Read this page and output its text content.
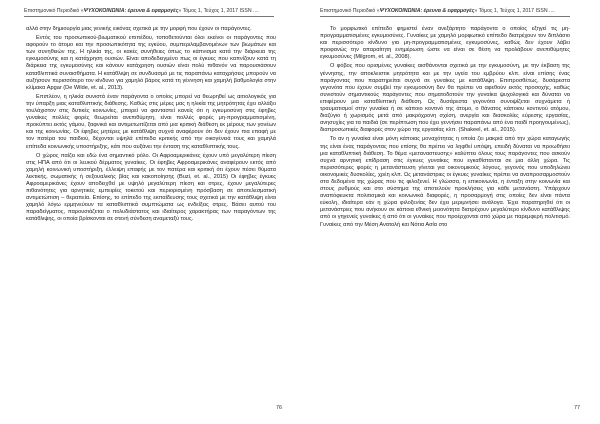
Επιστημονικό Περιοδικό «ΨΥΧΟΚΟΙΝΩΝΙΑ: έρευνα & εφαρμογές» Τόμος 1, Τεύχος 1, 2017 ISSN ....

αλλά στην δημιουργία μιας γενικής εικόνας σχετικά με την μορφή που έχουν οι παράγοντες.

Εντός του προσωπικού-βιωματικού επιπέδου, τοποθετούνται όλοι εκείνοι οι παράγοντες που αφορούν το άτομο και την προσωπικότητα της εγκύου, συμπεριλαμβανομένων των βιωμάτων και των συνηθειών της. Η ηλικία της, οι κακές συνήθειες όπως το κάπνισμα κατά την διάρκεια της εγκυμοσύνης και η κατάχρηση ουσιών. Είναι αποδεδειγμένο πως οι έγκυες που καπνίζουν κατά τη διάρκεια της εγκυμοσύνης και κάνουν κατάχρηση ουσιών είναι πολύ πιθανόν να παρουσιάσουν καταθλιπτικά συναισθήματα. Η κατάθλιψη σε συνδυασμό με τις παραπάνω καταχρήσεις μπορούν να αυξήσουν περισσότερο τον κίνδυνο για χαμηλό βάρος κατά τη γέννηση και χαμηλή βαθμολογία στην κλίμακα Apgar (De Wilde, et. al., 2013).

Επιπλέον, η ηλικία συνιστά έναν παράγοντα ο οποίος μπορεί να θεωρηθεί ως αιτιολογικός για την ύπαρξη μιας καταθλιπτικής διάθεσης. Καθώς στις μέρες μας η ηλικία της μητρότητας έχει αλλάξει τουλάχιστον στις δυτικές κοινωνίες, μπορεί να φανταστεί κανείς ότι η εγκυμοσύνη στις έφηβες γυναίκες πολλές φορές θεωρείται ανεπιθύμητη, είναι πολλές φορές μη-προγραμματισμένη, προκύπτει εκτός γάμου, ξαφνικά και αντιμετωπίζεται από μια κριτική διάθεση εκ μέρους των γονέων και της κοινωνίας. Οι έφηβες μητέρες με κατάθλιψη συχνά αναφέρουν ότι δεν έχουν πια επαφή με τον πατέρα του παιδιού, δέχονται υψηλά επίπεδα κριτικής από την οικογένειά τους και χαμηλά επίπεδα κοινωνικής υποστήριξης, κάτι που αυξάνει την ένταση της καταθλιπτικής τους.

Ο χώρος παίζει και εδώ ένα σημαντικό ρόλο. Οι Αφροαμερικάνες έχουν υπό μεγαλύτερη πίεση στις ΗΠΑ από ότι οι λευκού δέρματος γυναίκες. Οι έφηβες Αφροαμερικάνες αναφέρουν εκτός από χαμηλή κοινωνική υποστήριξη, έλλειψη επαφής με τον πατέρα και κριτική ότι έχουν πέσει θύματα λεκτικής, σωματικής ή σεξουαλικής βίας και κακοποίησης (Buzi, et. al., 2015) Οι έφηβες έγκυες Αφροαμερικάνες έχουν αποδειχθεί με υψηλό μεγαλύτερη πίεση και στρες, έχουν μεγαλύτερες πιθανότητες για αρνητικές εμπειρίες τοκετού και περιορισμένη πρόσβαση σε αποτελεσματική αντιμετώπιση – θεραπεία. Επίσης, το επίπεδο της εκπαίδευσης τους σχετικά με την κατάθλιψη είναι χαμηλό λόγω ερμηνεύουν τα καταθλιπτικά συμπτώματα ως ενδείξεις στρες. Βάσει αυτού του παραδείγματος, παρουσιάζεται ο πολυδιάστατος και ιδιαίτερος χαρακτήρας των παραγόντων της κατάθλιψης, οι οποία βρίσκονται σε στενή σύνδεση αναμεταξύ τους.

76
Επιστημονικό Περιοδικό «ΨΥΧΟΚΟΙΝΩΝΙΑ: έρευνα & εφαρμογές» Τόμος 1, Τεύχος 1, 2017 ISSN ....

Το μορφωτικό επίπεδο φημιστεί έναν ανεξάρτητο παράγοντα ο οποίος εξηγεί τις μη-προγραμματισμένες εγκυμοσύνες. Γυναίκες με χαμηλό μορφωτικό επίπεδο διατρέχουν τον διπλάσιο και περισσότερο κίνδυνο για μη-προγραμματισμένες εγκυμοσύνες, καθώς δεν έχουν λάβει προφανώς την απαραίτητη ενημέρωση ώστε να είναι σε θέση να προλάβουν ανεπιθύμητες εγκυμοσύνες (Milgrom, et. al., 2008).

Ο φόβος που ορισμένες γυναίκες αισθάνονται σχετικά με την εγκυμοσύνη, με την έκβαση της γέννησης, την αποκλειστικ μητρότητα και με την υγεία του εμβρύου κλπ. είναι επίσης ένας παράγοντας που παρατηρείται συχνά σε γυναίκες με κατάθλιψη. Επιπροσθέτως, δυσάρεστα γεγονότα που έχουν συμβεί την εγκυμοσύνη δεν θα πρέπει να αφεθούν εκτός προσοχής, καθώς συνιστούν σημαντικούς παράγοντες που σηματοδοτούν την γυναίκα ψυχολογικά και δύναται να επιφέρουν μια καταθλιπτική διάθεση. Ως δυσάρεστα γεγονότα συνοψίζεται συχνάμετα ή τραυματισμοί στην γυναίκα ή σε κάποιο κοντινό της άτομο, ο θάνατος κάποιου κοντινού ατόμου, διαζύγιο ή χωρισμός μετά από μακρόχρονη σχέση, ανεργία και διασκολίες εύρεσης εργασίας, ανησυχίες για τα παιδιά (σε περίπτωση που έχει γεννήσει παραπάνω από ένα παιδί προηγουμένως), διαπροσωπικές διαφορές στον χώρο της εργασίας κλπ. (Shakeel, et. al., 2015).

Το αν η γυναίκα είναι μόνη κάποιας μοναχότητας η οποία ζει μακριά από την χώρα καταγωγής της είναι ένας παράγοντας που επίσης θα πρέπει να ληφθεί υπόψη, επειδή δύναται να προωθήσει μια καταθλιπτική διάθεση. Το θέμα «μεταναστευσης» καλύπτει όλους τους παράγοντες που ασκούν συχνά αρνητική επίδραση στις έγκυες γυναίκες που εγκαθίστανται σε μια άλλη χώρα. Τις περισσότερες φορές η μετανάστευση γίνεται για οικονομικούς λόγους, γεγονός που υποδηλώνει οικονομικές δυσκολίες, χρέη κλπ. Ως μετανάστριες οι έγκυες γυναίκες πρέπει να αναπροσαρμοστούν στα δεδομένα της χώρας που τις φιλοξενεί. Η γλώσσα, η επικοινωνία, η ένταξη στην κοινωνία και στους ρυθμούς και στο σύστημα της αποτελούν προκλήσεις για κάθε μετανάστη. Υπάρχουν αναπόφευκτα πολιτισμικά και κοινωνικά διαφορές, η προσαρμογή στις οποίες δεν είναι πάντα εύκολη, ιδιαίτερα εάν η χώρα φιλοξενίας δεν έχει μεριμνήσει ανάλογα. Έχει παρατηρηθεί ότι οι μετανάστριες που ανήκουν σε κάποια εθνική μειονότητα διατρέχουν μεγαλύτερο κίνδυνο κατάθλιψης από οι γηγενείς γυναίκες ή από ότι οι γυναίκες που προέρχονται από χώρα με παρεμφερή πολιτισμό. Γυναίκες από την Μέση Ανατολή και Νότια Ασία στο

77
